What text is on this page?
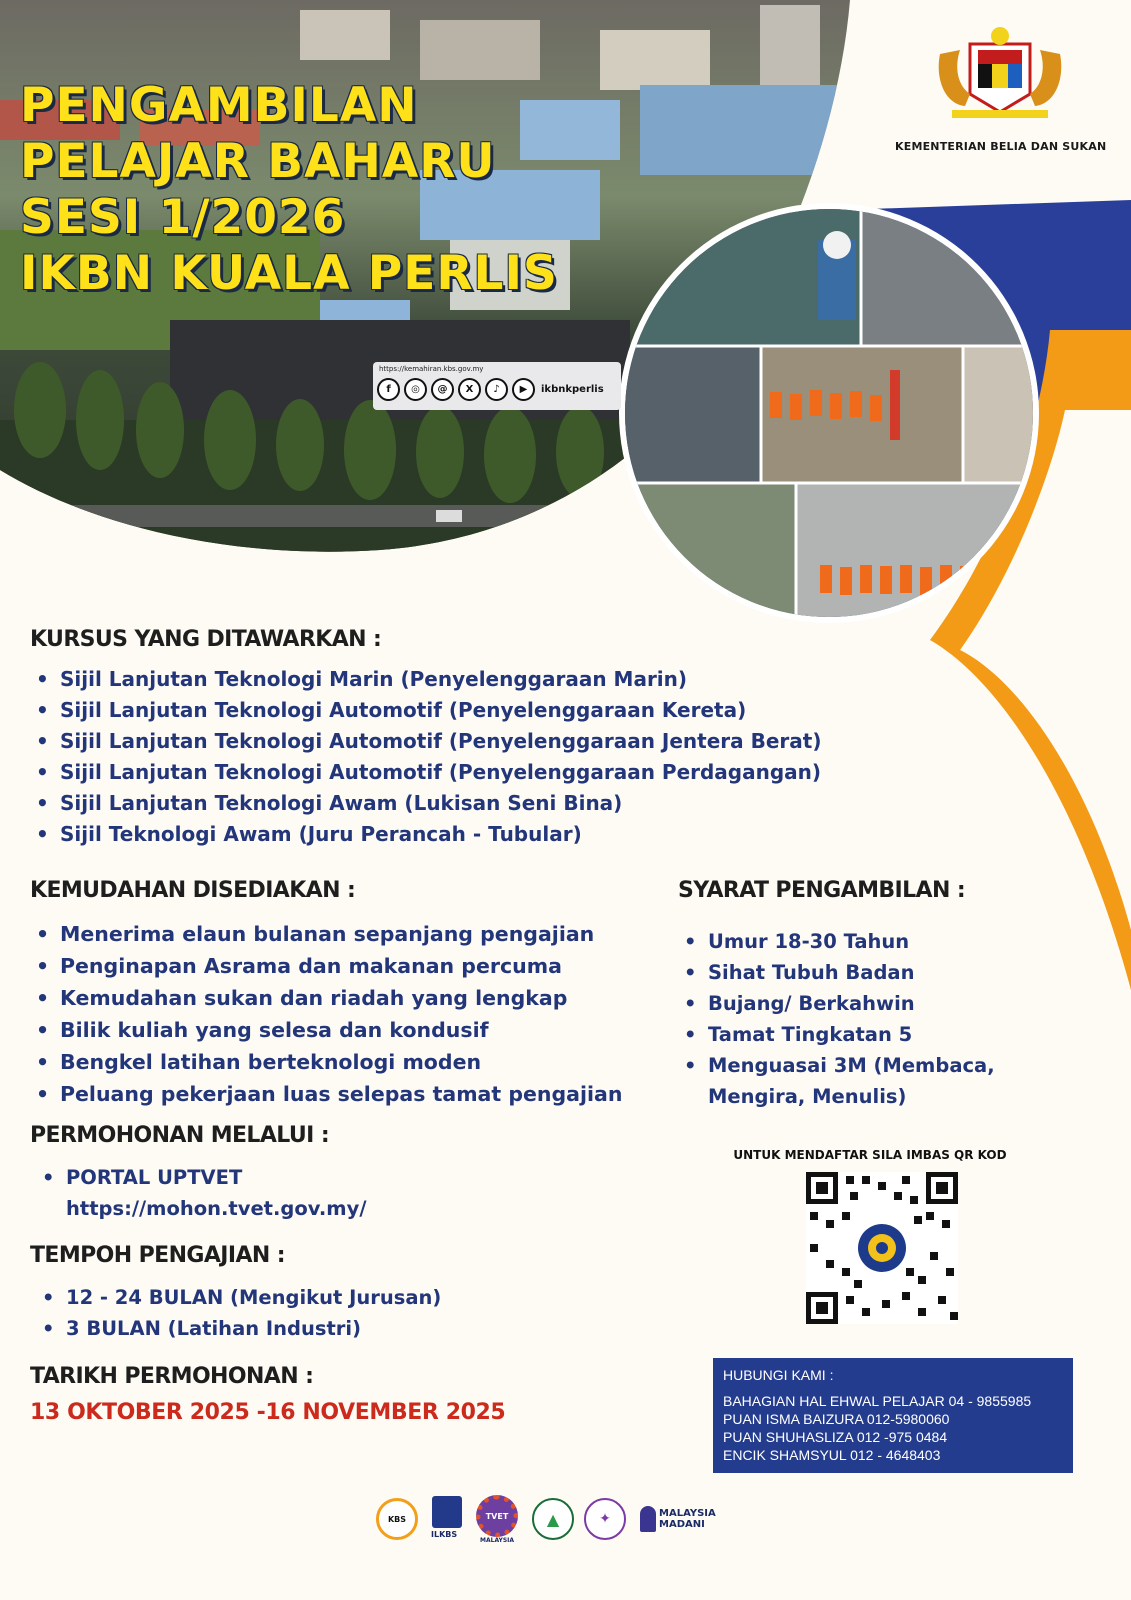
KEMENTERIAN BELIA DAN SUKAN
PENGAMBILAN
PELAJAR BAHARU
SESI 1/2026
IKBN KUALA PERLIS
https://kemahiran.kbs.gov.my
f	◎	@	X	♪	▶	ikbnkperlis
KURSUS YANG DITAWARKAN :
• Sijil Lanjutan Teknologi Marin (Penyelenggaraan Marin)
• Sijil Lanjutan Teknologi Automotif (Penyelenggaraan Kereta)
• Sijil Lanjutan Teknologi Automotif (Penyelenggaraan Jentera Berat)
• Sijil Lanjutan Teknologi Automotif (Penyelenggaraan Perdagangan)
• Sijil Lanjutan Teknologi Awam (Lukisan Seni Bina)
• Sijil Teknologi Awam (Juru Perancah - Tubular)
KEMUDAHAN DISEDIAKAN :
• Menerima elaun bulanan sepanjang pengajian
• Penginapan Asrama dan makanan percuma
• Kemudahan sukan dan riadah yang lengkap
• Bilik kuliah yang selesa dan kondusif
• Bengkel latihan berteknologi moden
• Peluang pekerjaan luas selepas tamat pengajian
SYARAT PENGAMBILAN :
• Umur 18-30 Tahun
• Sihat Tubuh Badan
• Bujang/ Berkahwin
• Tamat Tingkatan 5
• Menguasai 3M (Membaca, Mengira, Menulis)
PERMOHONAN MELALUI :
• PORTAL UPTVET
https://mohon.tvet.gov.my/
TEMPOH PENGAJIAN :
• 12 - 24 BULAN (Mengikut Jurusan)
• 3 BULAN (Latihan Industri)
TARIKH PERMOHONAN :

13 OKTOBER 2025 -16 NOVEMBER 2025

UNTUK MENDAFTAR SILA IMBAS QR KOD
HUBUNGI KAMI :
BAHAGIAN HAL EHWAL PELAJAR 04 - 9855985
PUAN ISMA BAIZURA 012-5980060
PUAN SHUHASLIZA 012 -975 0484
ENCIK SHAMSYUL 012 - 4648403
KBS
ILKBS
TVET
MALAYSIA
▲	✦	MALAYSIA
MADANI
